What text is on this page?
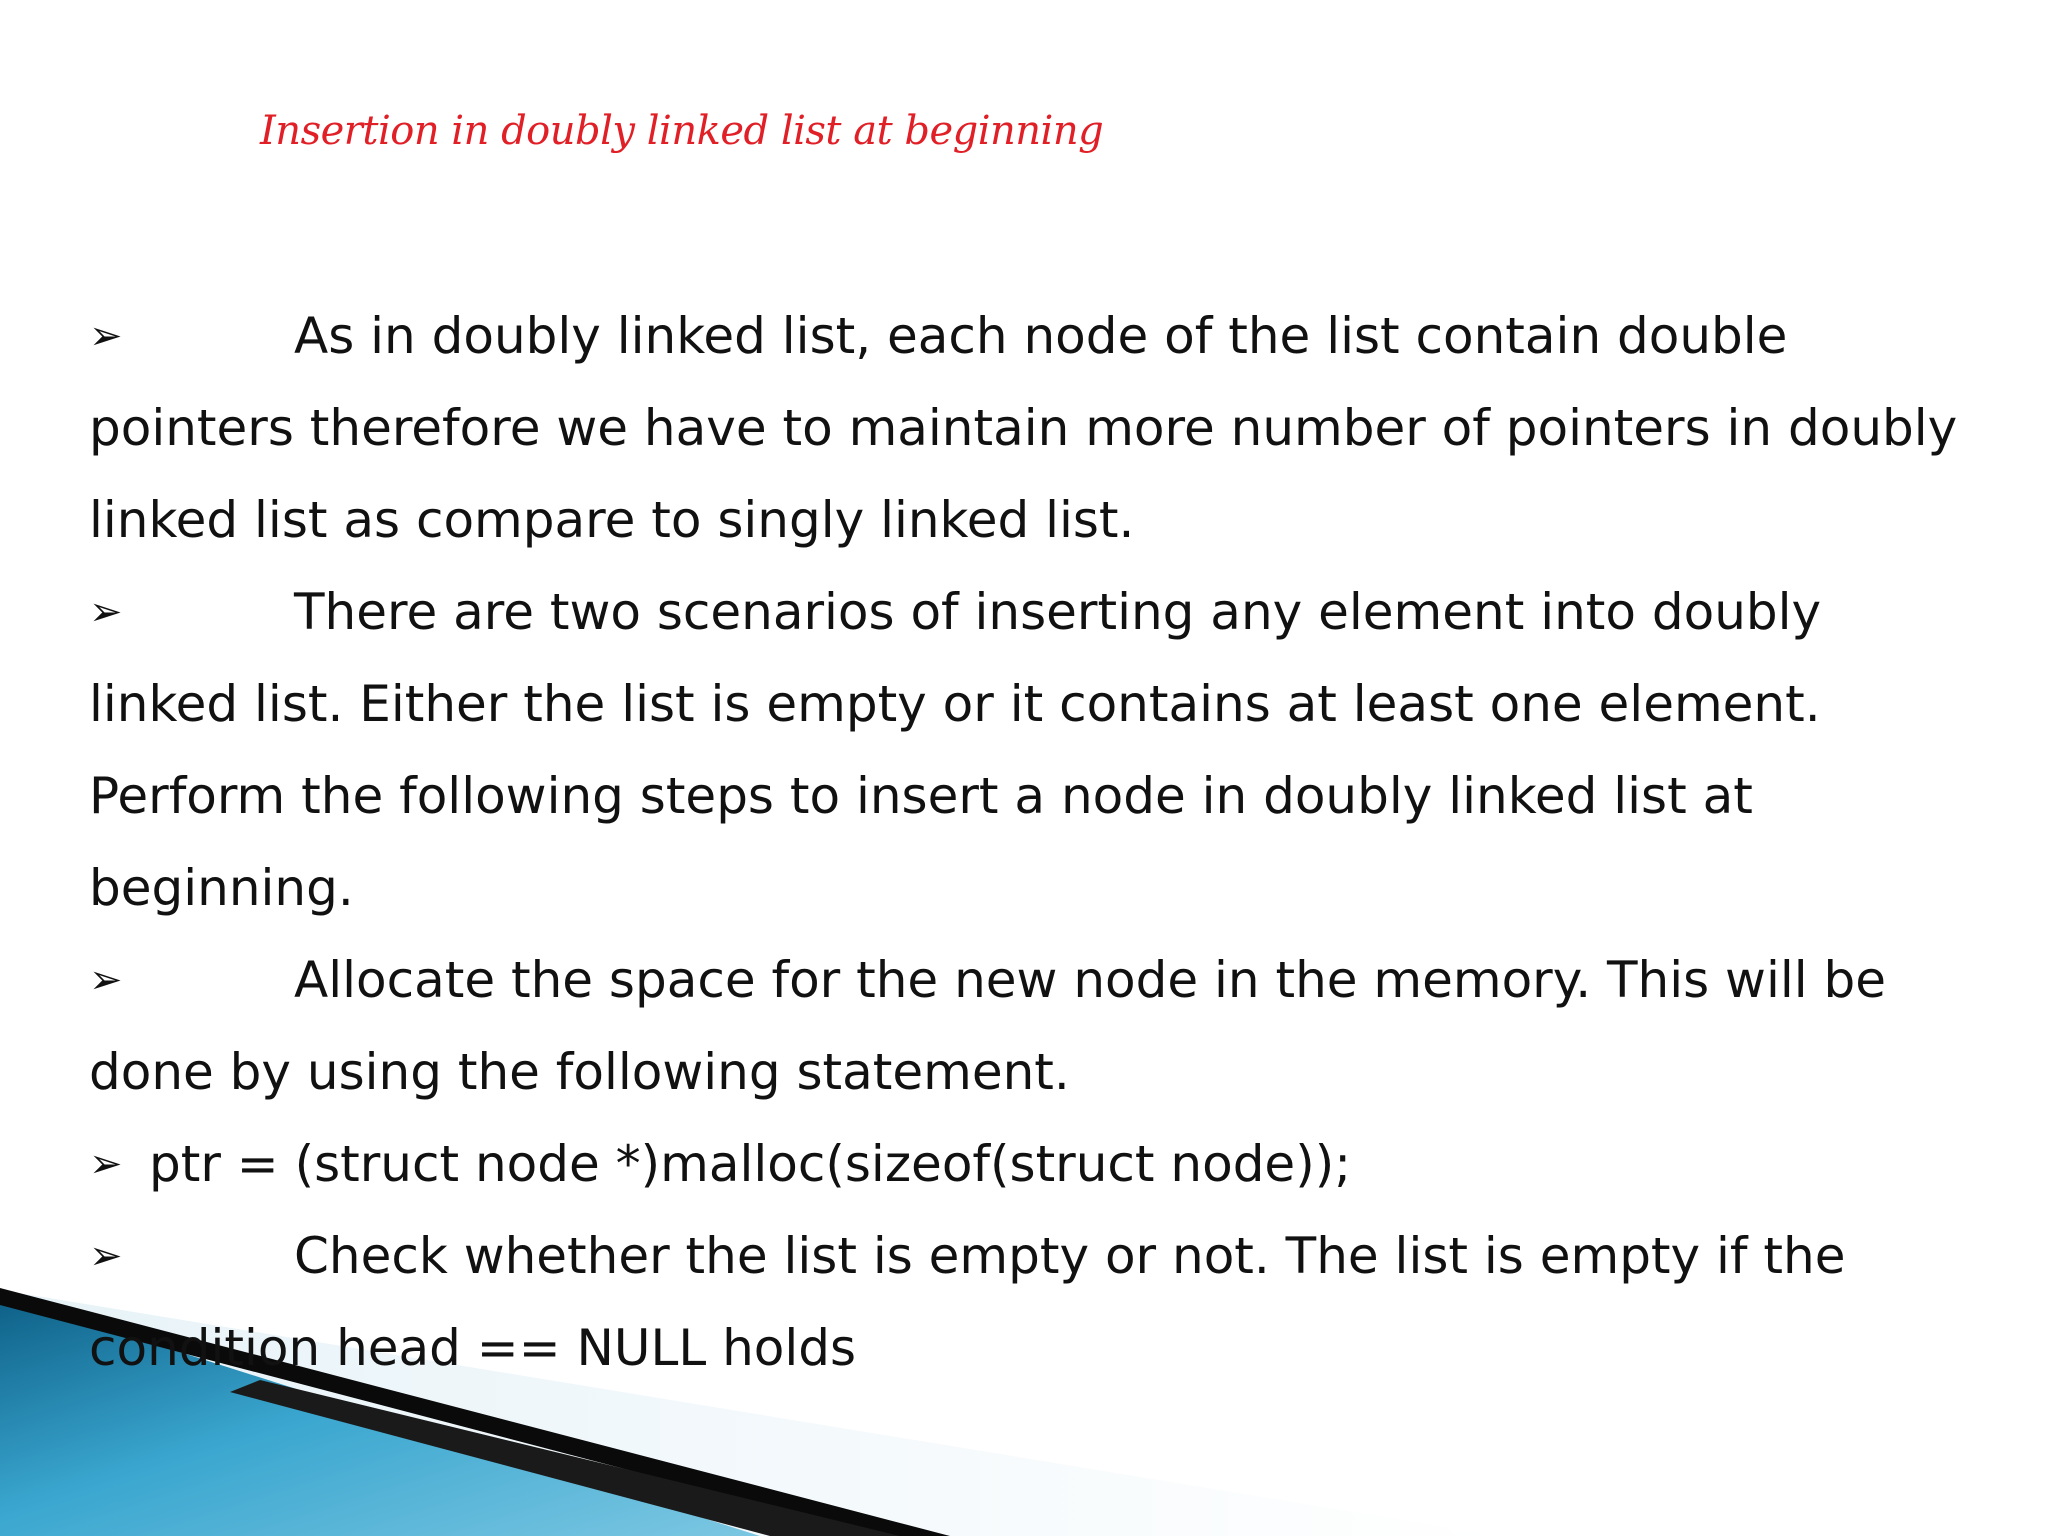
Insertion in doubly linked list at beginning
➢	As in doubly linked list, each node of the list contain double
pointers therefore we have to maintain more number of pointers in doubly
linked list as compare to singly linked list.
➢	There are two scenarios of inserting any element into doubly
linked list. Either the list is empty or it contains at least one element.
Perform the following steps to insert a node in doubly linked list at
beginning.
➢	Allocate the space for the new node in the memory. This will be
done by using the following statement.
➢ ptr = (struct node *)malloc(sizeof(struct node));
➢	Check whether the list is empty or not. The list is empty if the
condition head == NULL holds
